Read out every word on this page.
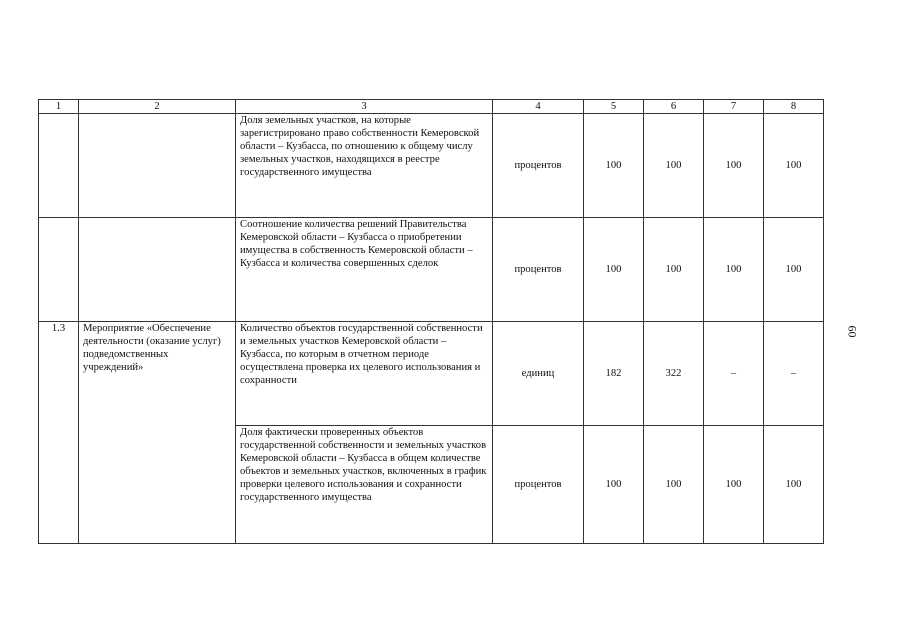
1	2	3	4	5	6	7	8
		Доля земельных участков, на которые зарегистрировано право собственности Кемеровской области – Кузбасса, по отношению к общему числу земельных участков, находящихся в реестре государственного имущества	процентов	100	100	100	100
		Соотношение количества решений Правительства Кемеровской области – Кузбасса о приобретении имущества в собственность Кемеровской области – Кузбасса и количества совершенных сделок	процентов	100	100	100	100
1.3	Мероприятие «Обеспечение деятельности (оказание услуг) подведомственных учреждений»	Количество объектов государственной собственности и земельных участков Кемеровской области – Кузбасса, по которым в отчетном периоде осуществлена проверка их целевого использования и сохранности	единиц	182	322	–	–
		Доля фактически проверенных объектов государственной собственности и земельных участков Кемеровской области – Кузбасса в общем количестве объектов и земельных участков, включенных в график проверки целевого использования и сохранности государственного имущества	процентов	100	100	100	100
60
